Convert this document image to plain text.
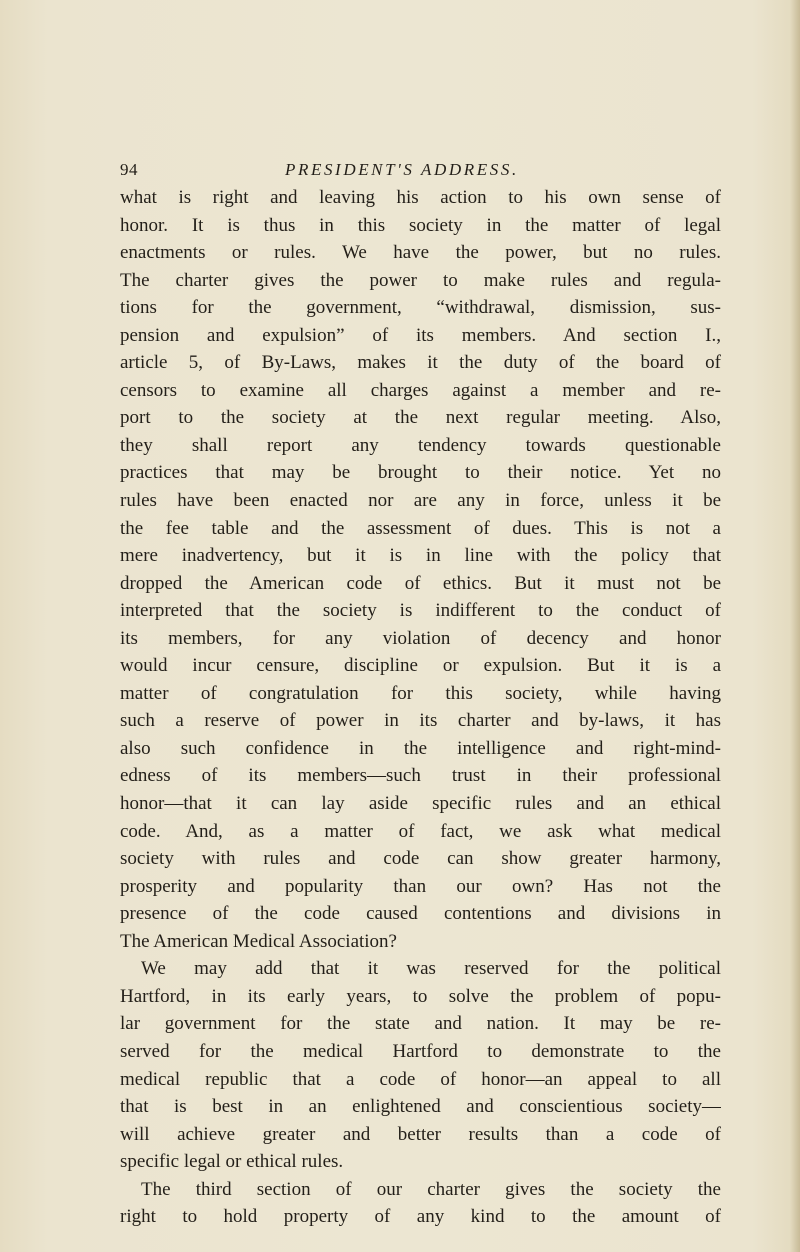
94	PRESIDENT'S ADDRESS.
what is right and leaving his action to his own sense of
honor. It is thus in this society in the matter of legal
enactments or rules. We have the power, but no rules.
The charter gives the power to make rules and regula-
tions for the government, “withdrawal, dismission, sus-
pension and expulsion” of its members. And section I.,
article 5, of By-Laws, makes it the duty of the board of
censors to examine all charges against a member and re-
port to the society at the next regular meeting. Also,
they shall report any tendency towards questionable
practices that may be brought to their notice. Yet no
rules have been enacted nor are any in force, unless it be
the fee table and the assessment of dues. This is not a
mere inadvertency, but it is in line with the policy that
dropped the American code of ethics. But it must not be
interpreted that the society is indifferent to the conduct of
its members, for any violation of decency and honor
would incur censure, discipline or expulsion. But it is a
matter of congratulation for this society, while having
such a reserve of power in its charter and by-laws, it has
also such confidence in the intelligence and right-mind-
edness of its members—such trust in their professional
honor—that it can lay aside specific rules and an ethical
code. And, as a matter of fact, we ask what medical
society with rules and code can show greater harmony,
prosperity and popularity than our own? Has not the
presence of the code caused contentions and divisions in
The American Medical Association?
We may add that it was reserved for the political
Hartford, in its early years, to solve the problem of popu-
lar government for the state and nation. It may be re-
served for the medical Hartford to demonstrate to the
medical republic that a code of honor—an appeal to all
that is best in an enlightened and conscientious society—
will achieve greater and better results than a code of
specific legal or ethical rules.
The third section of our charter gives the society the
right to hold property of any kind to the amount of
